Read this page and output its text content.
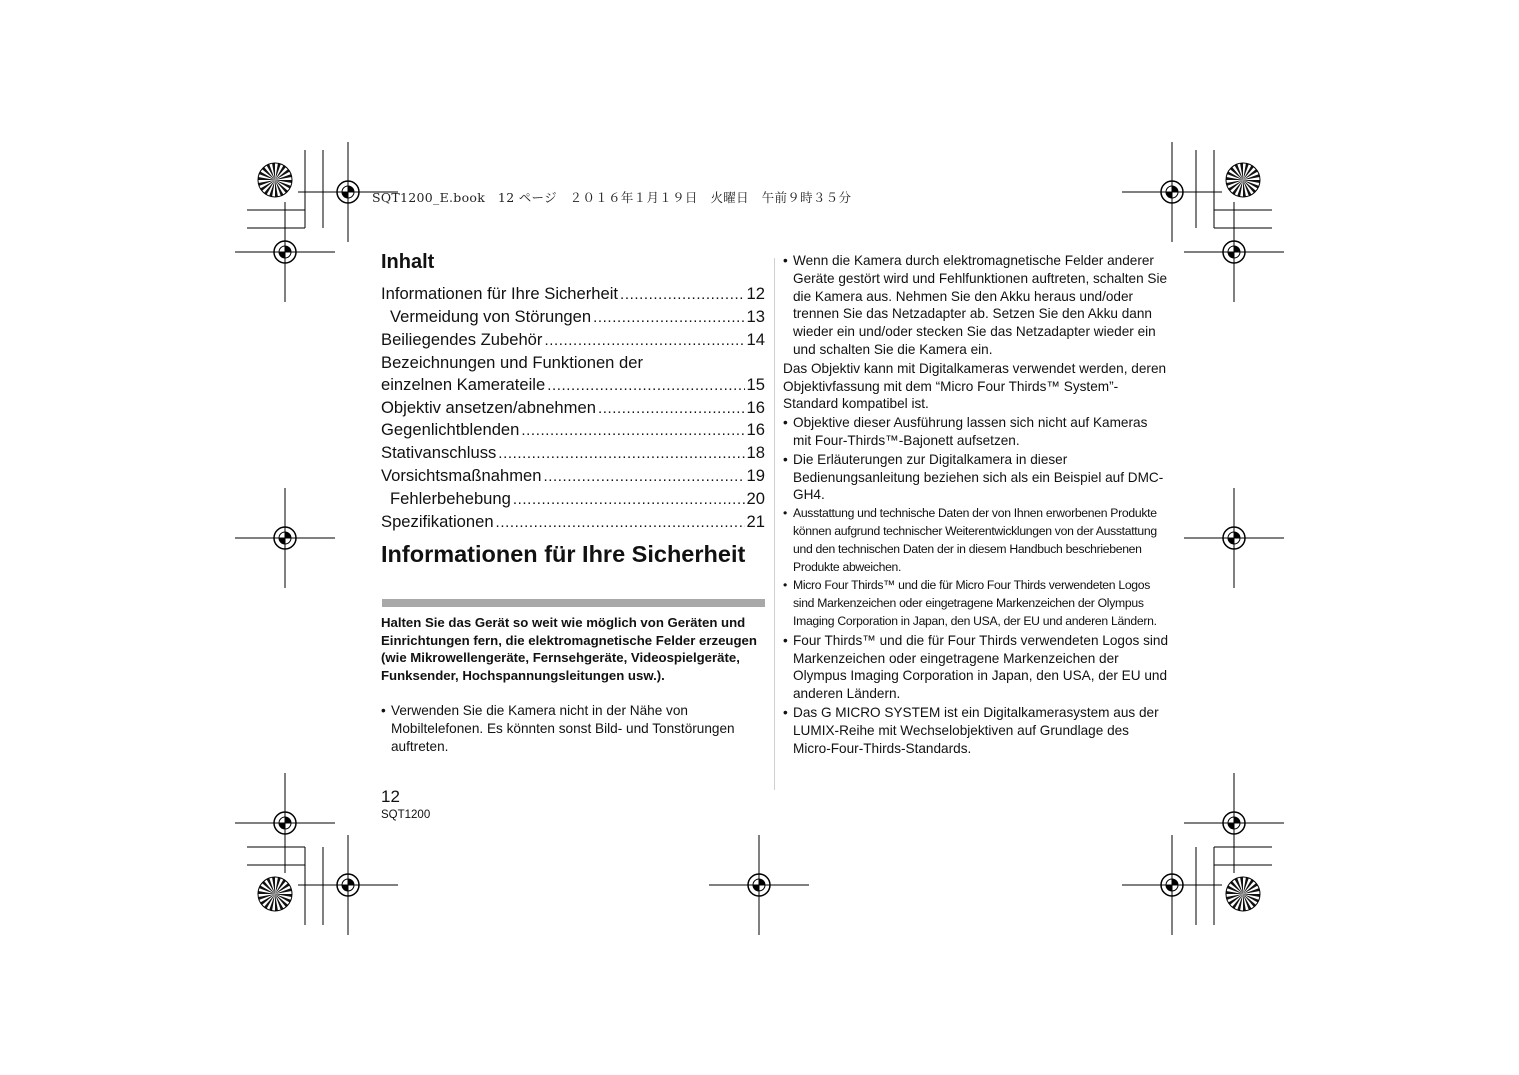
SQT1200_E.book　12 ページ　２０１６年１月１９日　火曜日　午前９時３５分
Inhalt
Informationen für Ihre Sicherheit .....	12
Vermeidung von Störungen .....	13
Beiliegendes Zubehör .....	14
Bezeichnungen und Funktionen der
einzelnen Kamerateile .....	15
Objektiv ansetzen/abnehmen .....	16
Gegenlichtblenden .....	16
Stativanschluss .....	18
Vorsichtsmaßnahmen .....	19
Fehlerbehebung .....	20
Spezifikationen .....	21
Informationen für Ihre Sicherheit
Halten Sie das Gerät so weit wie möglich von Geräten und Einrichtungen fern, die elektromagnetische Felder erzeugen (wie Mikrowellengeräte, Fernsehgeräte, Videospielgeräte, Funksender, Hochspannungsleitungen usw.).
• Verwenden Sie die Kamera nicht in der Nähe von Mobiltelefonen. Es könnten sonst Bild- und Tonstörungen auftreten.
• Wenn die Kamera durch elektromagnetische Felder anderer Geräte gestört wird und Fehlfunktionen auftreten, schalten Sie die Kamera aus. Nehmen Sie den Akku heraus und/oder trennen Sie das Netzadapter ab. Setzen Sie den Akku dann wieder ein und/oder stecken Sie das Netzadapter wieder ein und schalten Sie die Kamera ein.

Das Objektiv kann mit Digitalkameras verwendet werden, deren Objektivfassung mit dem “Micro Four Thirds™ System”-Standard kompatibel ist.

• Objektive dieser Ausführung lassen sich nicht auf Kameras mit Four-Thirds™-Bajonett aufsetzen.
• Die Erläuterungen zur Digitalkamera in dieser Bedienungsanleitung beziehen sich als ein Beispiel auf DMC-GH4.
• Ausstattung und technische Daten der von Ihnen erworbenen Produkte können aufgrund technischer Weiterentwicklungen von der Ausstattung und den technischen Daten der in diesem Handbuch beschriebenen Produkte abweichen.
• Micro Four Thirds™ und die für Micro Four Thirds verwendeten Logos sind Markenzeichen oder eingetragene Markenzeichen der Olympus Imaging Corporation in Japan, den USA, der EU und anderen Ländern.
• Four Thirds™ und die für Four Thirds verwendeten Logos sind Markenzeichen oder eingetragene Markenzeichen der Olympus Imaging Corporation in Japan, den USA, der EU und anderen Ländern.
• Das G MICRO SYSTEM ist ein Digitalkamerasystem aus der LUMIX-Reihe mit Wechselobjektiven auf Grundlage des Micro-Four-Thirds-Standards.
12
SQT1200
